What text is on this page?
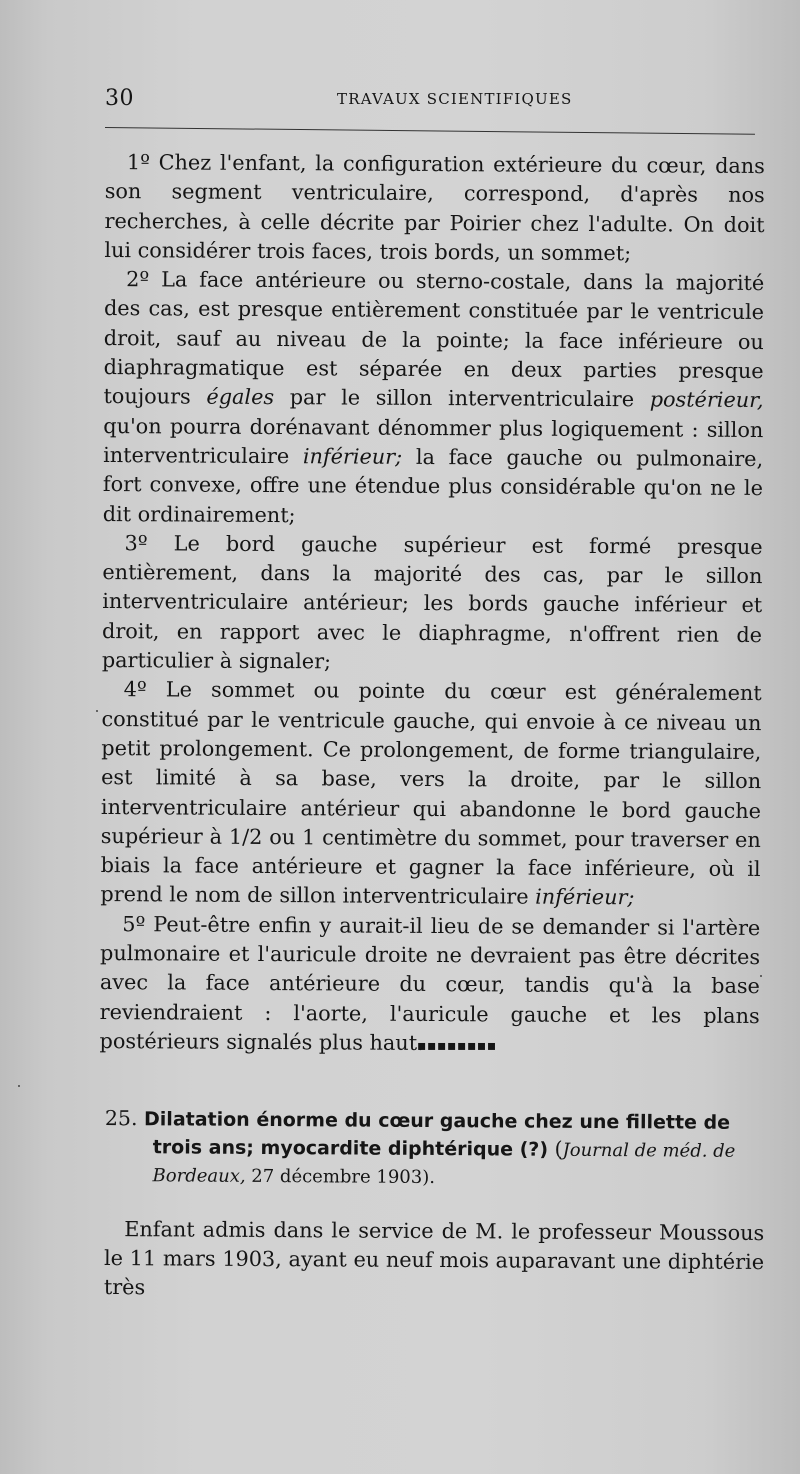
30	TRAVAUX SCIENTIFIQUES

1º Chez l'enfant, la configuration extérieure du cœur, dans son segment ventriculaire, correspond, d'après nos recherches, à celle décrite par Poirier chez l'adulte. On doit lui considérer trois faces, trois bords, un sommet;

2º La face antérieure ou sterno-costale, dans la majorité des cas, est presque entièrement constituée par le ventricule droit, sauf au niveau de la pointe; la face inférieure ou diaphragmatique est séparée en deux parties presque toujours égales par le sillon interventriculaire postérieur, qu'on pourra dorénavant dénommer plus logiquement : sillon interventriculaire inférieur; la face gauche ou pulmonaire, fort convexe, offre une étendue plus considérable qu'on ne le dit ordinairement;

3º Le bord gauche supérieur est formé presque entièrement, dans la majorité des cas, par le sillon interventriculaire antérieur; les bords gauche inférieur et droit, en rapport avec le diaphragme, n'offrent rien de particulier à signaler;

4º Le sommet ou pointe du cœur est généralement constitué par le ventricule gauche, qui envoie à ce niveau un petit prolongement. Ce prolongement, de forme triangulaire, est limité à sa base, vers la droite, par le sillon interventriculaire antérieur qui abandonne le bord gauche supérieur à 1/2 ou 1 centimètre du sommet, pour traverser en biais la face antérieure et gagner la face inférieure, où il prend le nom de sillon interventriculaire inférieur;

5º Peut-être enfin y aurait-il lieu de se demander si l'artère pulmonaire et l'auricule droite ne devraient pas être décrites avec la face antérieure du cœur, tandis qu'à la base reviendraient : l'aorte, l'auricule gauche et les plans postérieurs signalés plus haut.

▪▪▪▪▪▪▪▪
25. Dilatation énorme du cœur gauche chez une fillette de trois ans; myocardite diphtérique (?) (Journal de méd. de Bordeaux, 27 décembre 1903).

Enfant admis dans le service de M. le professeur Moussous le 11 mars 1903, ayant eu neuf mois auparavant une diphtérie très
